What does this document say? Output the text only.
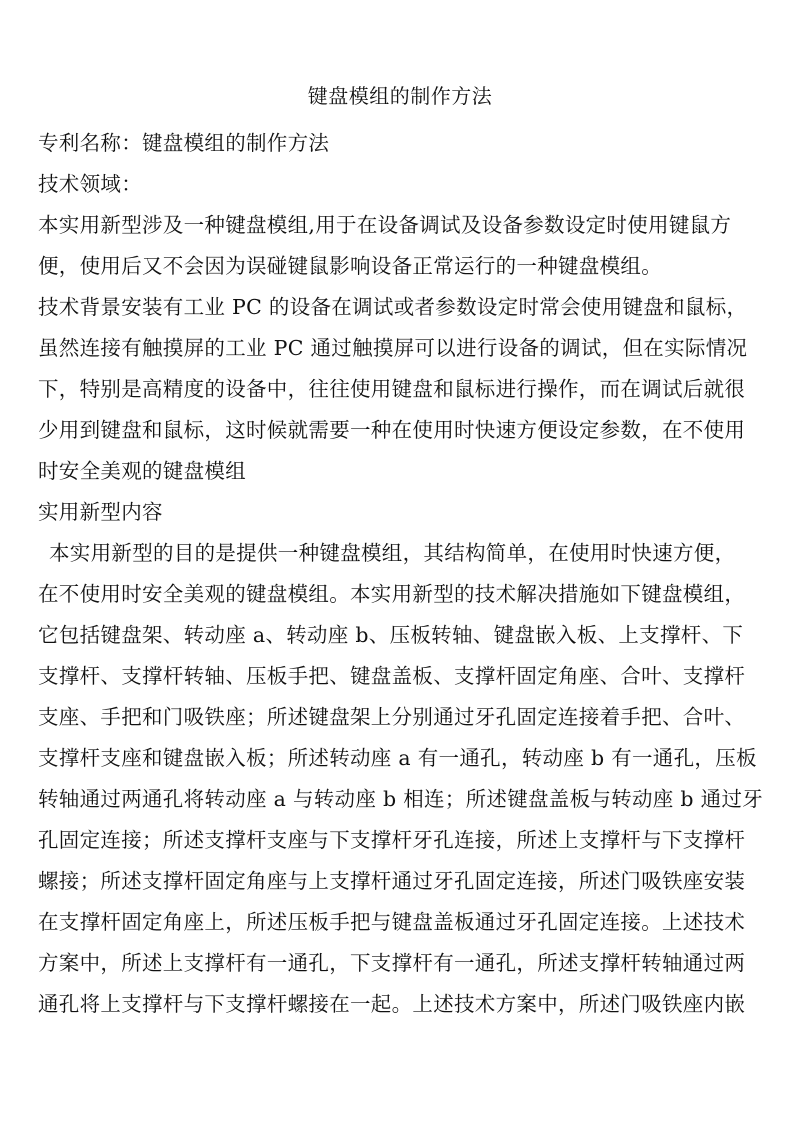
键盘模组的制作方法
专利名称：键盘模组的制作方法
技术领域：
本实用新型涉及一种键盘模组,用于在设备调试及设备参数设定时使用键鼠方
便，使用后又不会因为误碰键鼠影响设备正常运行的一种键盘模组。
技术背景安装有工业 PC 的设备在调试或者参数设定时常会使用键盘和鼠标，
虽然连接有触摸屏的工业 PC 通过触摸屏可以进行设备的调试，但在实际情况
下，特别是高精度的设备中，往往使用键盘和鼠标进行操作，而在调试后就很
少用到键盘和鼠标，这时候就需要一种在使用时快速方便设定参数，在不使用
时安全美观的键盘模组
实用新型内容
本实用新型的目的是提供一种键盘模组，其结构简单，在使用时快速方便，
在不使用时安全美观的键盘模组。本实用新型的技术解决措施如下键盘模组，
它包括键盘架、转动座 a、转动座 b、压板转轴、键盘嵌入板、上支撑杆、下
支撑杆、支撑杆转轴、压板手把、键盘盖板、支撑杆固定角座、合叶、支撑杆
支座、手把和门吸铁座；所述键盘架上分别通过牙孔固定连接着手把、合叶、
支撑杆支座和键盘嵌入板；所述转动座 a 有一通孔，转动座 b 有一通孔，压板
转轴通过两通孔将转动座 a 与转动座 b 相连；所述键盘盖板与转动座 b 通过牙
孔固定连接；所述支撑杆支座与下支撑杆牙孔连接，所述上支撑杆与下支撑杆
螺接；所述支撑杆固定角座与上支撑杆通过牙孔固定连接，所述门吸铁座安装
在支撑杆固定角座上，所述压板手把与键盘盖板通过牙孔固定连接。上述技术
方案中，所述上支撑杆有一通孔，下支撑杆有一通孔，所述支撑杆转轴通过两
通孔将上支撑杆与下支撑杆螺接在一起。上述技术方案中，所述门吸铁座内嵌
